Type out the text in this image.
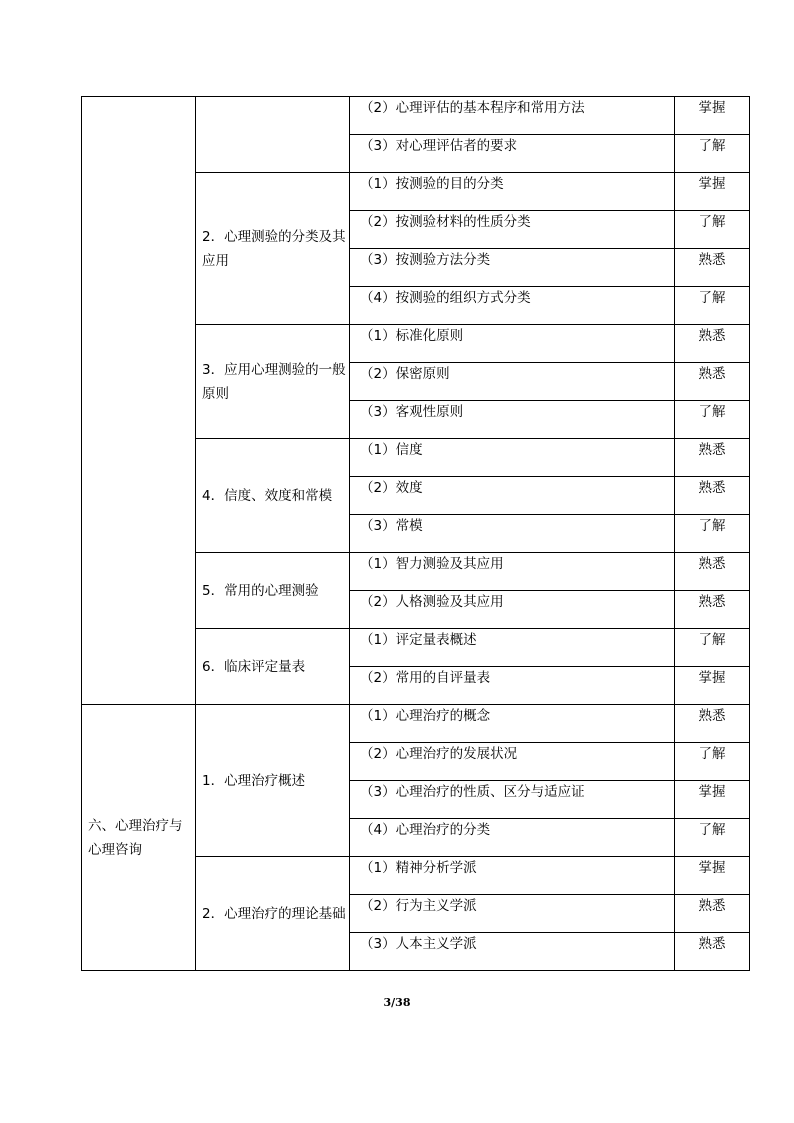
		（2）心理评估的基本程序和常用方法	掌握
		（3）对心理评估者的要求	了解
	2．心理测验的分类及其应用	（1）按测验的目的分类	掌握
		（2）按测验材料的性质分类	了解
		（3）按测验方法分类	熟悉
		（4）按测验的组织方式分类	了解
	3．应用心理测验的一般原则	（1）标准化原则	熟悉
		（2）保密原则	熟悉
		（3）客观性原则	了解
	4．信度、效度和常模	（1）信度	熟悉
		（2）效度	熟悉
		（3）常模	了解
	5．常用的心理测验	（1）智力测验及其应用	熟悉
		（2）人格测验及其应用	熟悉
	6．临床评定量表	（1）评定量表概述	了解
		（2）常用的自评量表	掌握
六、心理治疗与心理咨询	1．心理治疗概述	（1）心理治疗的概念	熟悉
		（2）心理治疗的发展状况	了解
		（3）心理治疗的性质、区分与适应证	掌握
		（4）心理治疗的分类	了解
	2．心理治疗的理论基础	（1）精神分析学派	掌握
		（2）行为主义学派	熟悉
		（3）人本主义学派	熟悉
3/38
